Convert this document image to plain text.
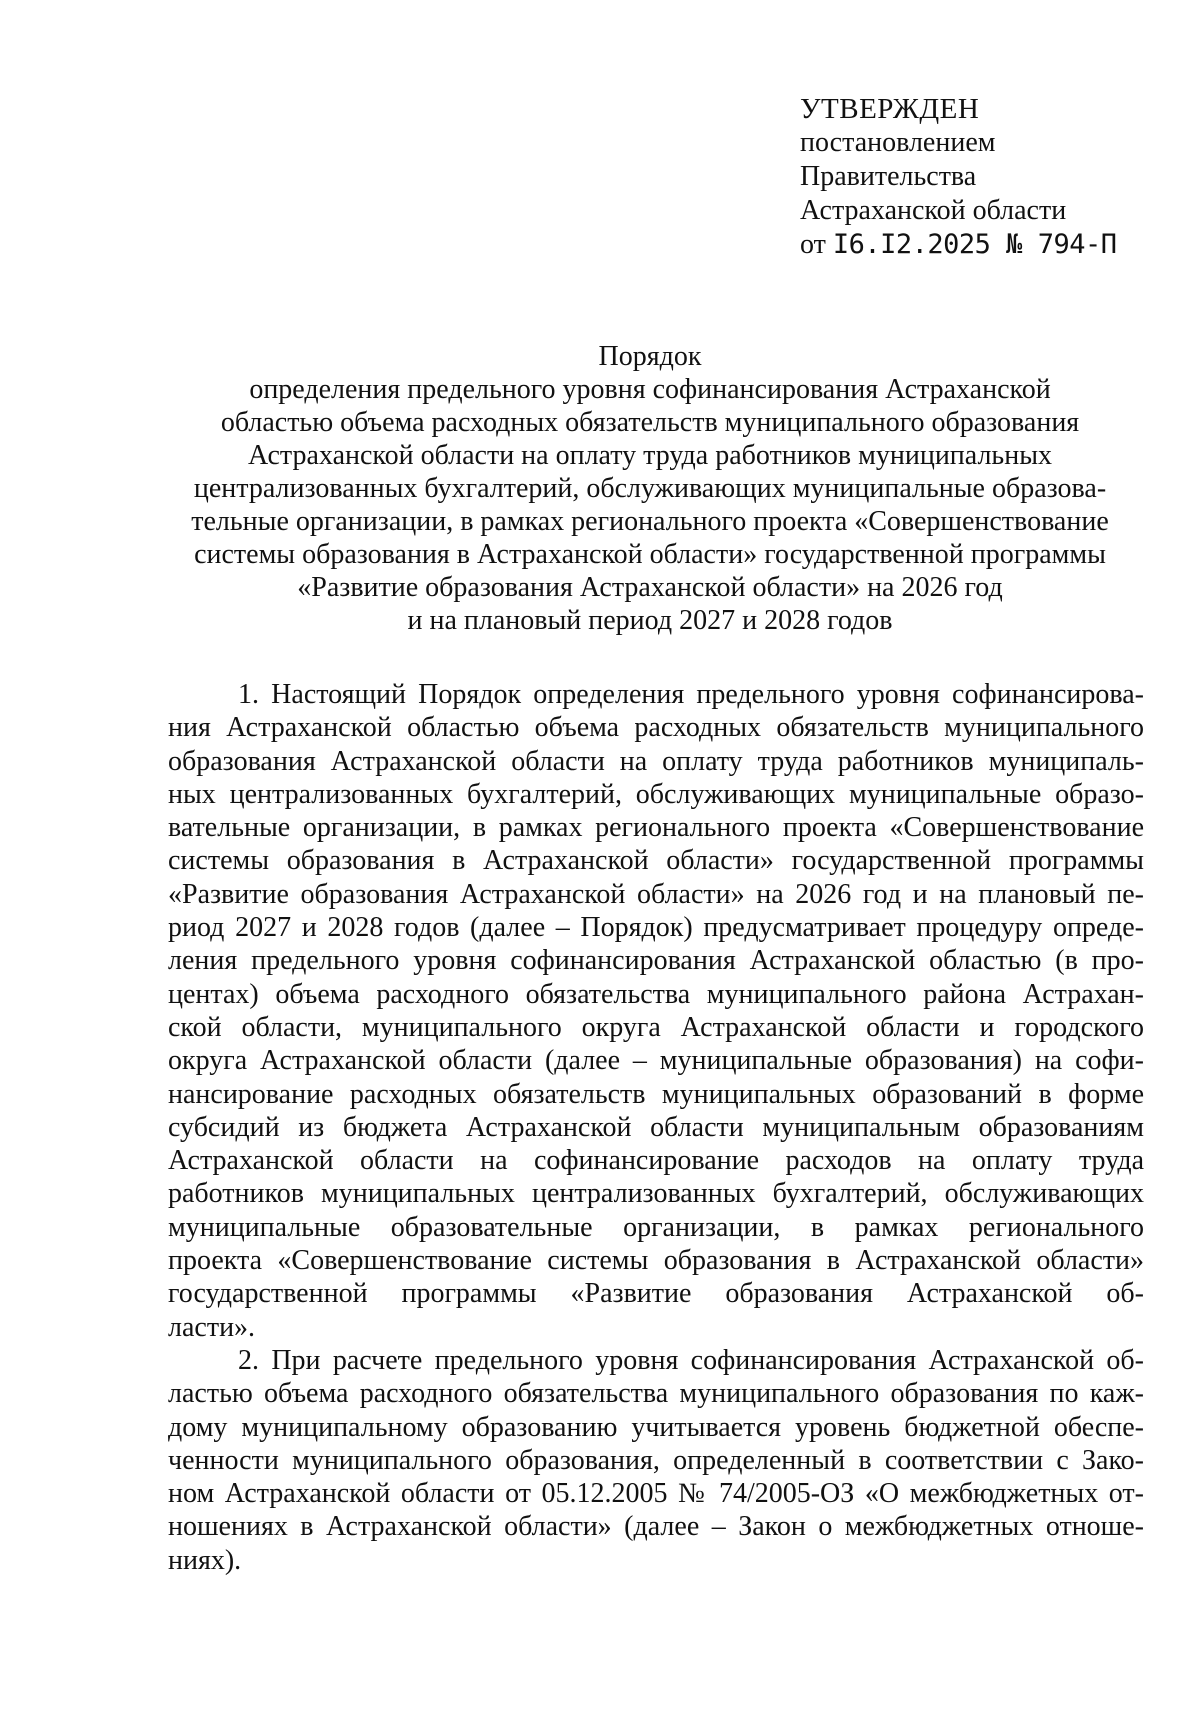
УТВЕРЖДЕН
постановлением
Правительства
Астраханской области
от I6.I2.2025 № 794-П
Порядок
определения предельного уровня софинансирования Астраханской
областью объема расходных обязательств муниципального образования
Астраханской области на оплату труда работников муниципальных
централизованных бухгалтерий, обслуживающих муниципальные образова-
тельные организации, в рамках регионального проекта «Совершенствование
системы образования в Астраханской области» государственной программы
«Развитие образования Астраханской области» на 2026 год
и на плановый период 2027 и 2028 годов
1. Настоящий Порядок определения предельного уровня софинансирова-
ния Астраханской областью объема расходных обязательств муниципального
образования Астраханской области на оплату труда работников муниципаль-
ных централизованных бухгалтерий, обслуживающих муниципальные образо-
вательные организации, в рамках регионального проекта «Совершенствование
системы образования в Астраханской области» государственной программы
«Развитие образования Астраханской области» на 2026 год и на плановый пе-
риод 2027 и 2028 годов (далее – Порядок) предусматривает процедуру опреде-
ления предельного уровня софинансирования Астраханской областью (в про-
центах) объема расходного обязательства муниципального района Астрахан-
ской области, муниципального округа Астраханской области и городского
округа Астраханской области (далее – муниципальные образования) на софи-
нансирование расходных обязательств муниципальных образований в форме
субсидий из бюджета Астраханской области муниципальным образованиям
Астраханской области на софинансирование расходов на оплату труда
работников муниципальных централизованных бухгалтерий, обслуживающих
муниципальные образовательные организации, в рамках регионального
проекта «Совершенствование системы образования в Астраханской области»
государственной программы «Развитие образования Астраханской об-
ласти».
2. При расчете предельного уровня софинансирования Астраханской об-
ластью объема расходного обязательства муниципального образования по каж-
дому муниципальному образованию учитывается уровень бюджетной обеспе-
ченности муниципального образования, определенный в соответствии с Зако-
ном Астраханской области от 05.12.2005 № 74/2005-ОЗ «О межбюджетных от-
ношениях в Астраханской области» (далее – Закон о межбюджетных отноше-
ниях).
